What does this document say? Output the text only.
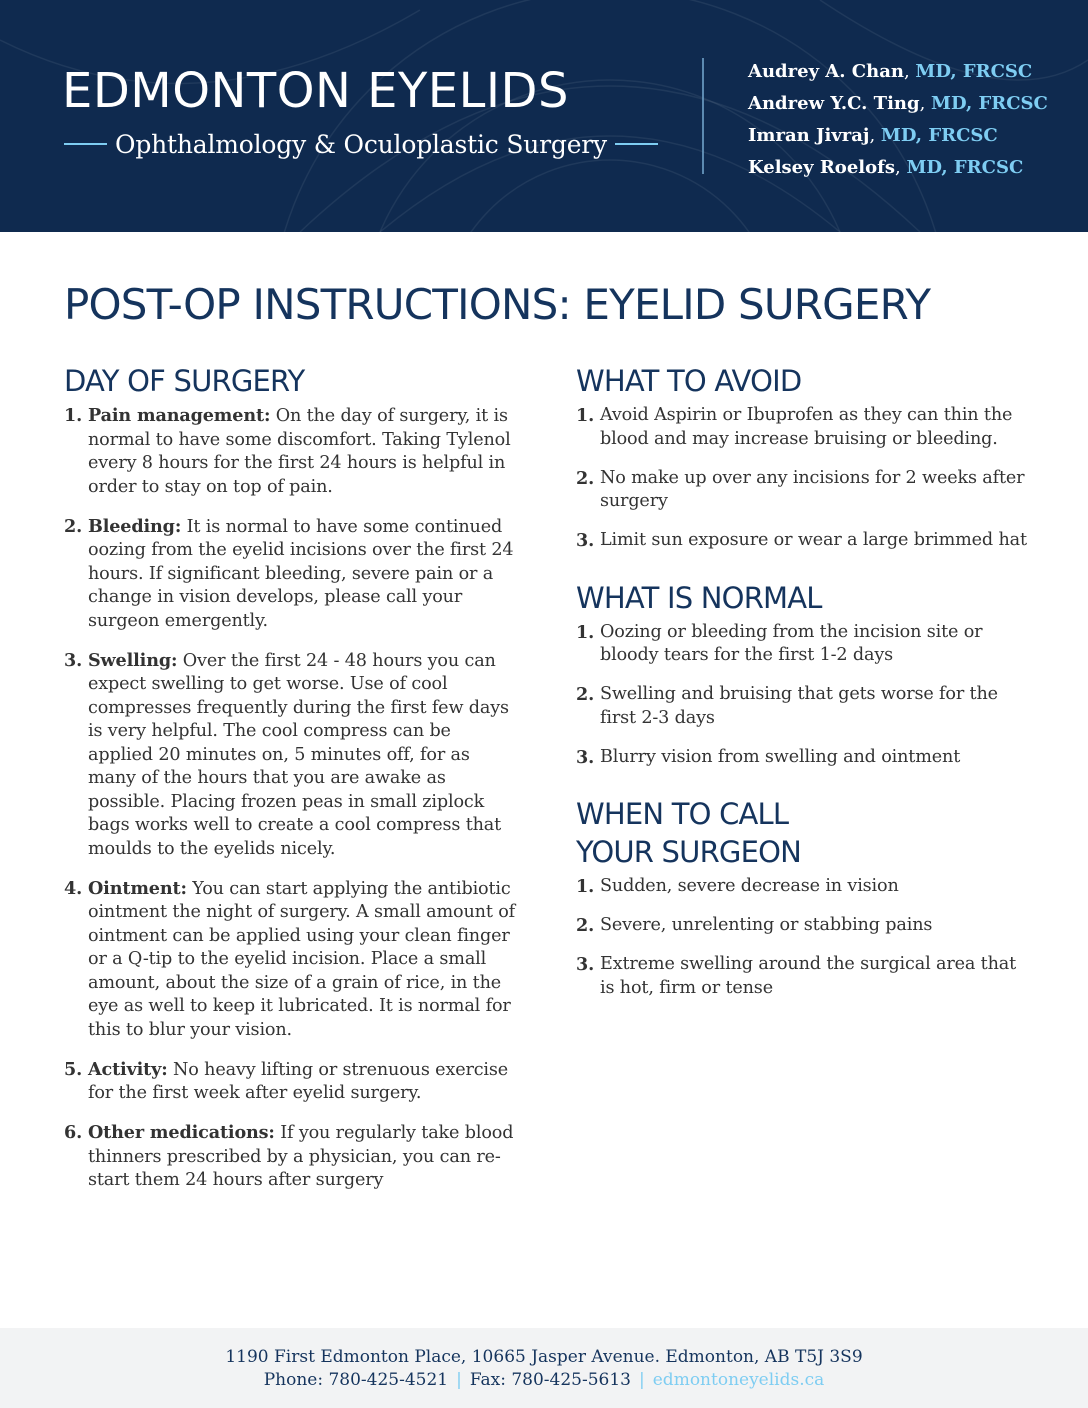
EDMONTON EYELIDS
Ophthalmology & Oculoplastic Surgery
Audrey A. Chan, MD, FRCSC
Andrew Y.C. Ting, MD, FRCSC
Imran Jivraj, MD, FRCSC
Kelsey Roelofs, MD, FRCSC
POST-OP INSTRUCTIONS: EYELID SURGERY
DAY OF SURGERY
1. Pain management: On the day of surgery, it is normal to have some discomfort. Taking Tylenol every 8 hours for the first 24 hours is helpful in order to stay on top of pain.
2. Bleeding: It is normal to have some continued oozing from the eyelid incisions over the first 24 hours. If significant bleeding, severe pain or a change in vision develops, please call your surgeon emergently.
3. Swelling: Over the first 24 - 48 hours you can expect swelling to get worse. Use of cool compresses frequently during the first few days is very helpful. The cool compress can be applied 20 minutes on, 5 minutes off, for as many of the hours that you are awake as possible. Placing frozen peas in small ziplock bags works well to create a cool compress that moulds to the eyelids nicely.
4. Ointment: You can start applying the antibiotic ointment the night of surgery. A small amount of ointment can be applied using your clean finger or a Q-tip to the eyelid incision. Place a small amount, about the size of a grain of rice, in the eye as well to keep it lubricated. It is normal for this to blur your vision.
5. Activity: No heavy lifting or strenuous exercise for the first week after eyelid surgery.
6. Other medications: If you regularly take blood thinners prescribed by a physician, you can re-start them 24 hours after surgery
WHAT TO AVOID
1. Avoid Aspirin or Ibuprofen as they can thin the blood and may increase bruising or bleeding.
2. No make up over any incisions for 2 weeks after surgery
3. Limit sun exposure or wear a large brimmed hat
WHAT IS NORMAL
1. Oozing or bleeding from the incision site or bloody tears for the first 1-2 days
2. Swelling and bruising that gets worse for the first 2-3 days
3. Blurry vision from swelling and ointment
WHEN TO CALL
YOUR SURGEON
1. Sudden, severe decrease in vision
2. Severe, unrelenting or stabbing pains
3. Extreme swelling around the surgical area that is hot, firm or tense
1190 First Edmonton Place, 10665 Jasper Avenue. Edmonton, AB T5J 3S9
Phone: 780-425-4521 | Fax: 780-425-5613 | edmontoneyelids.ca
